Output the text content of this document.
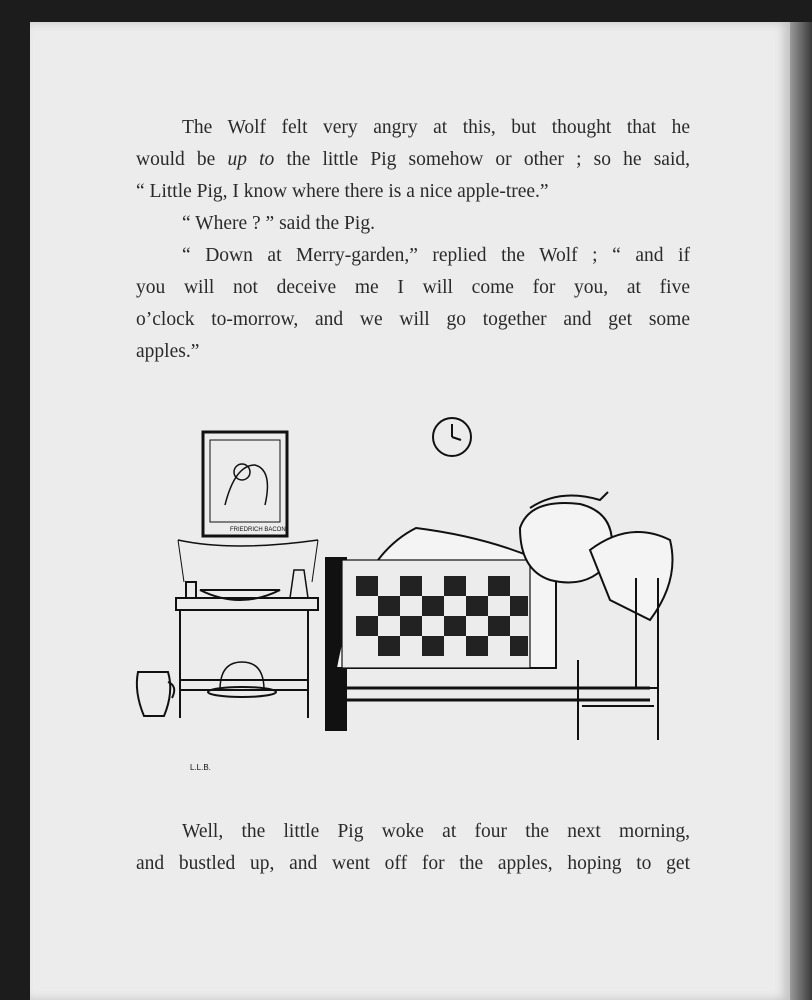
The Wolf felt very angry at this, but thought that he
would be up to the little Pig somehow or other ; so he said,
“ Little Pig, I know where there is a nice apple-tree.”
“ Where ? ” said the Pig.
“ Down at Merry-garden,” replied the Wolf ; “ and if
you will not deceive me I will come for you, at five
o’clock to-morrow, and we will go together and get some
apples.”
FRIEDRICH BACON
L.L.B.
Well, the little Pig woke at four the next morning,
and bustled up, and went off for the apples, hoping to get
